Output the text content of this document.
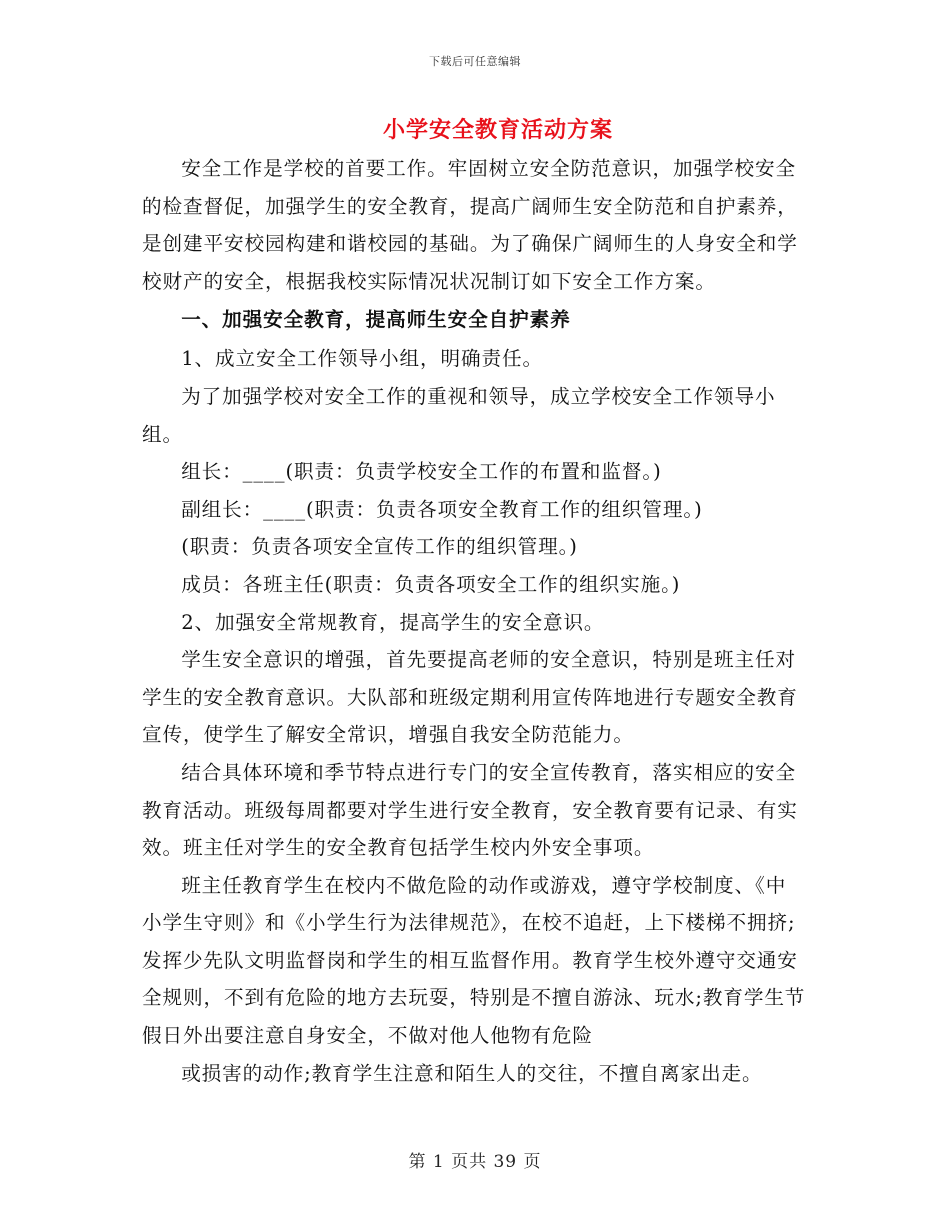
下载后可任意编辑
小学安全教育活动方案

安全工作是学校的首要工作。牢固树立安全防范意识，加强学校安全的检查督促，加强学生的安全教育，提高广阔师生安全防范和自护素养，是创建平安校园构建和谐校园的基础。为了确保广阔师生的人身安全和学校财产的安全，根据我校实际情况状况制订如下安全工作方案。

一、加强安全教育，提高师生安全自护素养

1、成立安全工作领导小组，明确责任。

为了加强学校对安全工作的重视和领导，成立学校安全工作领导小组。

组长：____(职责：负责学校安全工作的布置和监督。)

副组长：____(职责：负责各项安全教育工作的组织管理。)

(职责：负责各项安全宣传工作的组织管理。)

成员：各班主任(职责：负责各项安全工作的组织实施。)

2、加强安全常规教育，提高学生的安全意识。

学生安全意识的增强，首先要提高老师的安全意识，特别是班主任对学生的安全教育意识。大队部和班级定期利用宣传阵地进行专题安全教育宣传，使学生了解安全常识，增强自我安全防范能力。

结合具体环境和季节特点进行专门的安全宣传教育，落实相应的安全教育活动。班级每周都要对学生进行安全教育，安全教育要有记录、有实效。班主任对学生的安全教育包括学生校内外安全事项。

班主任教育学生在校内不做危险的动作或游戏，遵守学校制度、《中小学生守则》和《小学生行为法律规范》，在校不追赶，上下楼梯不拥挤;发挥少先队文明监督岗和学生的相互监督作用。教育学生校外遵守交通安全规则，不到有危险的地方去玩耍，特别是不擅自游泳、玩水;教育学生节假日外出要注意自身安全，不做对他人他物有危险

或损害的动作;教育学生注意和陌生人的交往，不擅自离家出走。

第 1 页共 39 页
